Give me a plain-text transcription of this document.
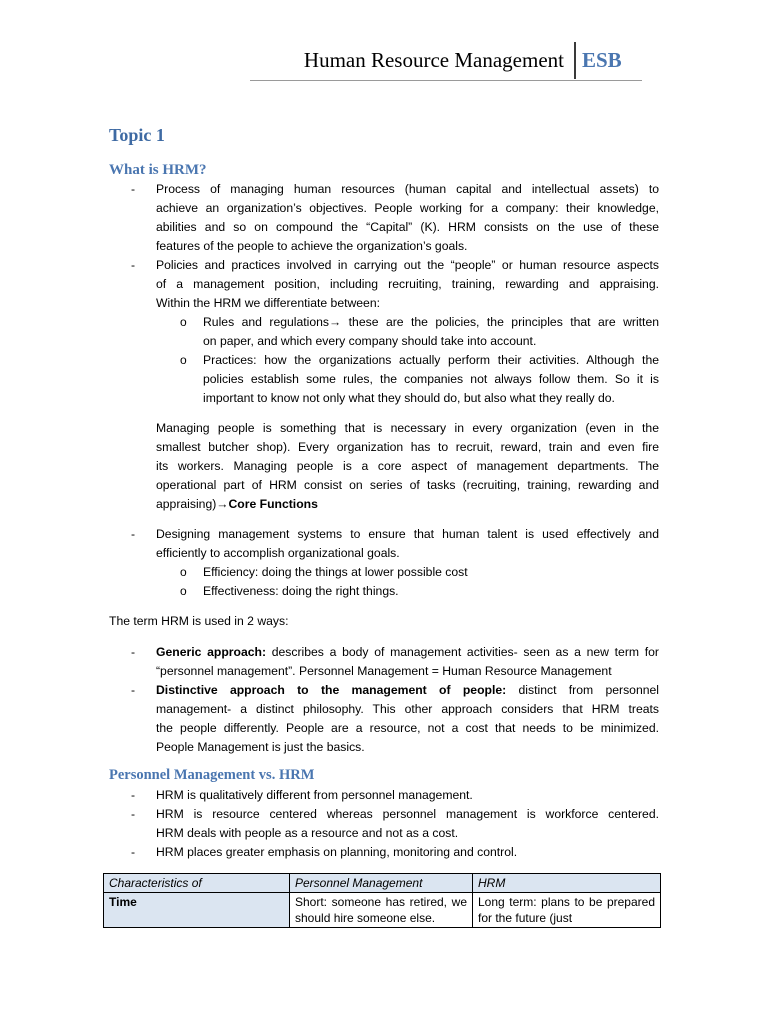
Human Resource Management ESB
Topic 1
What is HRM?
- Process of managing human resources (human capital and intellectual assets) to
achieve an organization’s objectives. People working for a company: their knowledge,
abilities and so on compound the “Capital” (K). HRM consists on the use of these
features of the people to achieve the organization’s goals.
- Policies and practices involved in carrying out the “people” or human resource aspects
of a management position, including recruiting, training, rewarding and appraising.
Within the HRM we differentiate between:
o Rules and regulations→ these are the policies, the principles that are written
on paper, and which every company should take into account.
o Practices: how the organizations actually perform their activities. Although the
policies establish some rules, the companies not always follow them. So it is
important to know not only what they should do, but also what they really do.
Managing people is something that is necessary in every organization (even in the
smallest butcher shop). Every organization has to recruit, reward, train and even fire
its workers. Managing people is a core aspect of management departments. The
operational part of HRM consist on series of tasks (recruiting, training, rewarding and
appraising)→Core Functions
- Designing management systems to ensure that human talent is used effectively and
efficiently to accomplish organizational goals.
o Efficiency: doing the things at lower possible cost
o Effectiveness: doing the right things.
The term HRM is used in 2 ways:
- Generic approach: describes a body of management activities- seen as a new term for
“personnel management”. Personnel Management = Human Resource Management
- Distinctive approach to the management of people: distinct from personnel
management- a distinct philosophy. This other approach considers that HRM treats
the people differently. People are a resource, not a cost that needs to be minimized.
People Management is just the basics.
Personnel Management vs. HRM
- HRM is qualitatively different from personnel management.
- HRM is resource centered whereas personnel management is workforce centered.
HRM deals with people as a resource and not as a cost.
- HRM places greater emphasis on planning, monitoring and control.
Characteristics of	Personnel Management	HRM
Time	Short: someone has retired, we should hire someone else.	Long term: plans to be prepared for the future (just
